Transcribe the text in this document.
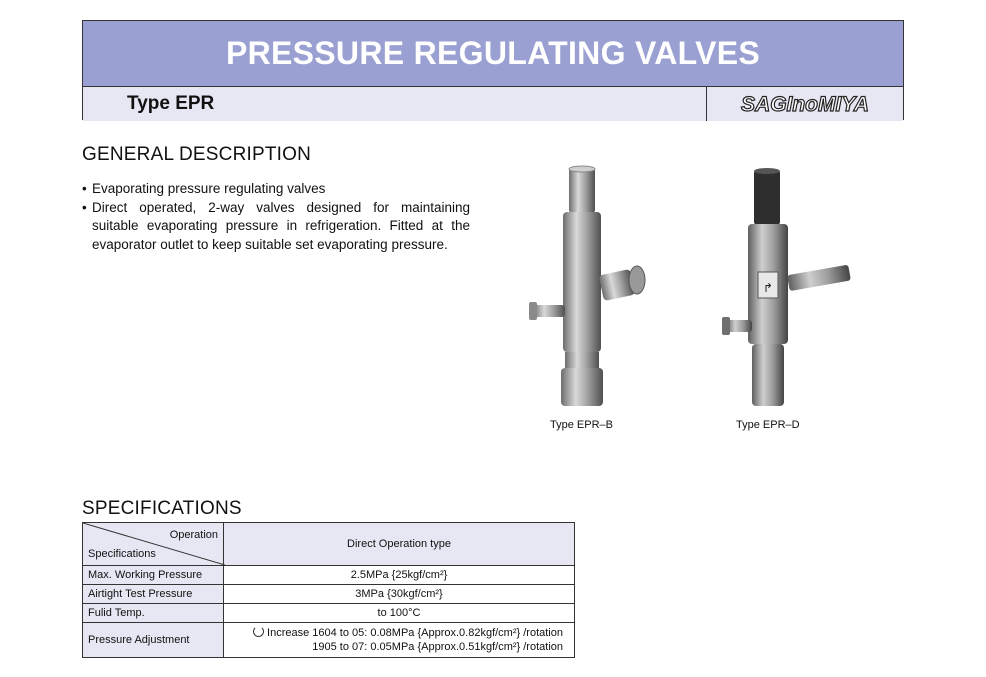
PRESSURE REGULATING VALVES
Type EPR	SAGInoMIYA
GENERAL DESCRIPTION
• Evaporating pressure regulating valves
• Direct operated, 2-way valves designed for maintaining suitable evaporating pressure in refrigeration. Fitted at the evaporator outlet to keep suitable set evaporating pressure.
Type EPR–B
↱
Type EPR–D
SPECIFICATIONS
Operation
Specifications	Direct Operation type
Max. Working Pressure	2.5MPa {25kgf/cm²}
Airtight Test Pressure	3MPa {30kgf/cm²}
Fulid Temp.	to 100°C
Pressure Adjustment	Increase 1604 to 05: 0.08MPa {Approx.0.82kgf/cm²} /rotation
1905 to 07: 0.05MPa {Approx.0.51kgf/cm²} /rotation
